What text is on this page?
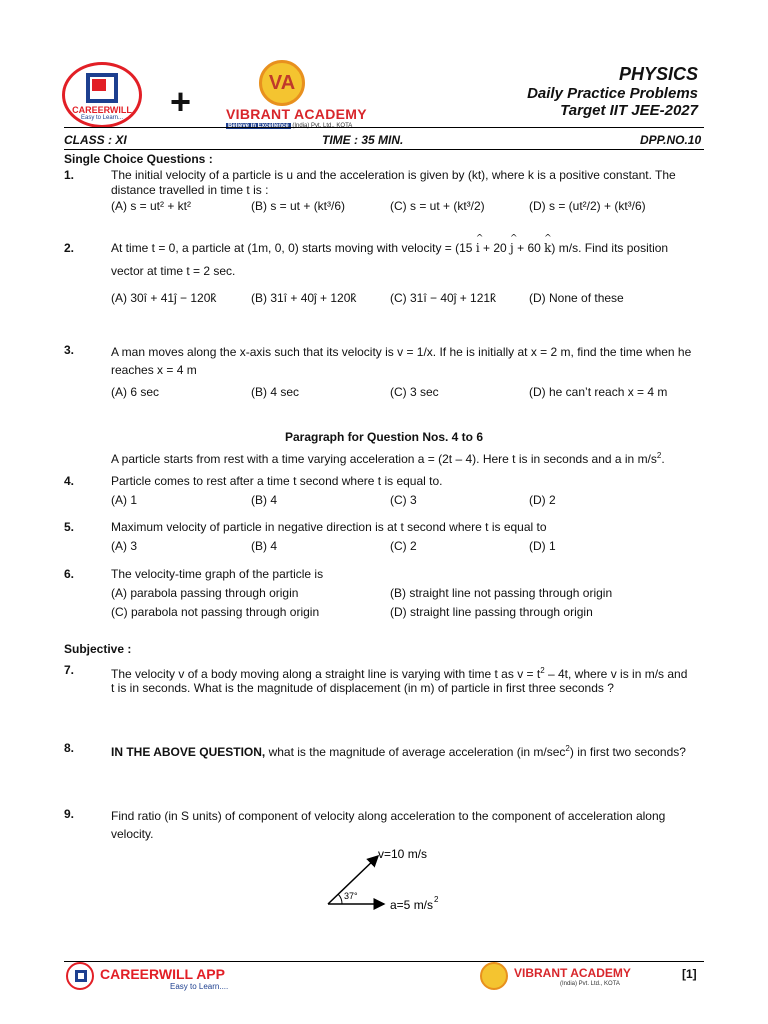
CAREERWILL
Easy to Learn...	+	VA
VIBRANT ACADEMY
Believe in Excellence (India) Pvt. Ltd., KOTA
PHYSICS
Daily Practice Problems
Target IIT JEE-2027
CLASS : XI	TIME : 35 MIN.	DPP.NO.10
Single Choice Questions :
1.	The initial velocity of a particle is u and the acceleration is given by (kt), where k is a positive constant. The distance travelled in time t is :
(A) s = ut² + kt²	(B) s = ut + (kt³/6)	(C) s = ut + (kt³/2)	(D) s = (ut²/2) + (kt³/6)
2.	At time t = 0, a particle at (1m, 0, 0) starts moving with velocity = (15 ^ i + 20 ^ j + 60 ^ k) m/s. Find its position
vector at time t = 2 sec.
(A) 30î + 41ĵ − 120k̂	(B) 31î + 40ĵ + 120k̂	(C) 31î − 40ĵ + 121k̂	(D) None of these
3.	A man moves along the x-axis such that its velocity is v = 1/x. If he is initially at x = 2 m, find the time when he reaches x = 4 m
(A) 6 sec	(B) 4 sec	(C) 3 sec	(D) he can’t reach x = 4 m
Paragraph for Question Nos. 4 to 6
A particle starts from rest with a time varying acceleration a = (2t – 4). Here t is in seconds and a in $m/s^2$.
4.	Particle comes to rest after a time t second where t is equal to.
(A) 1	(B) 4	(C) 3	(D) 2
5.	Maximum velocity of particle in negative direction is at t second where t is equal to
(A) 3	(B) 4	(C) 2	(D) 1
6.	The velocity-time graph of the particle is
(A) parabola passing through origin	(B) straight line not passing through origin
(C) parabola not passing through origin	(D) straight line passing through origin
Subjective :
7.	The velocity v of a body moving along a straight line is varying with time t as $v = t^2 - 4t$, where v is in m/s and
t is in seconds. What is the magnitude of displacement (in m) of particle in first three seconds ?
8.	IN THE ABOVE QUESTION, what is the magnitude of average acceleration (in $m/\sec^2$) in first two seconds?
9.	Find ratio (in S units) of component of velocity along acceleration to the component of acceleration along velocity.
37°
v=10 m/s
a=5 m/s 2
CAREERWILL APP
Easy to Learn....
VIBRANT ACADEMY
(India) Pvt. Ltd., KOTA
[1]
